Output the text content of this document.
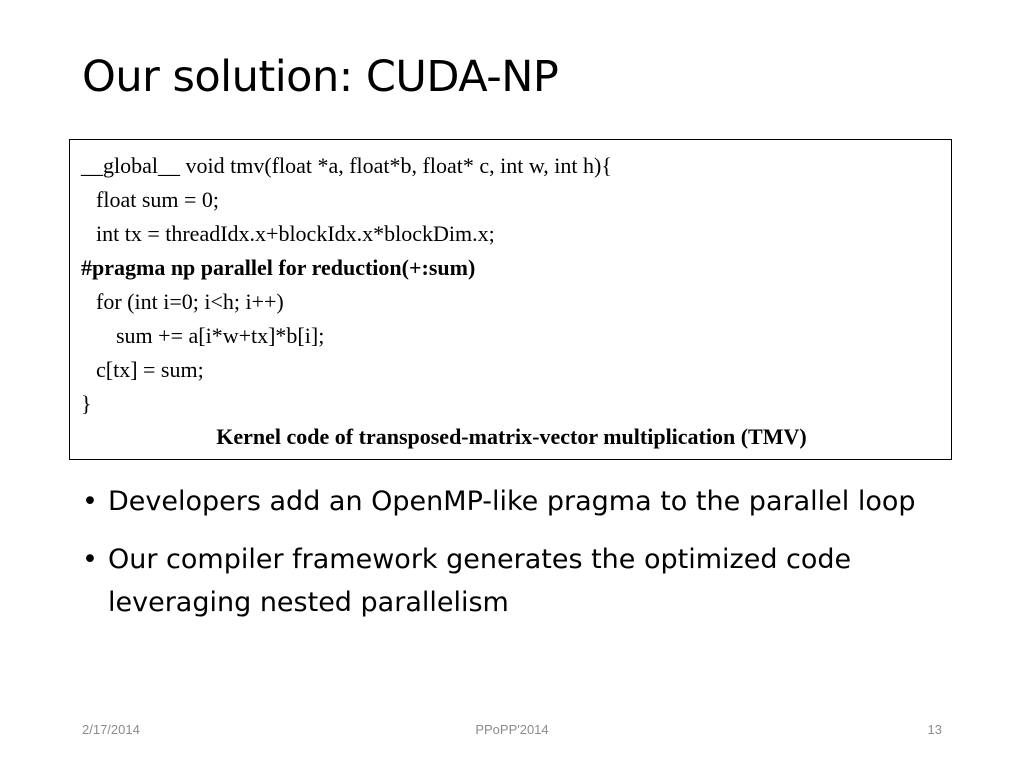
Our solution: CUDA-NP
__global__ void tmv(float *a, float*b, float* c, int w, int h){
float sum = 0;
int tx = threadIdx.x+blockIdx.x*blockDim.x;
#pragma np parallel for reduction(+:sum)
for (int i=0; i<h; i++)
sum += a[i*w+tx]*b[i];
c[tx] = sum;
}
Kernel code of transposed-matrix-vector multiplication (TMV)
• Developers add an OpenMP-like pragma to the parallel loop
• Our compiler framework generates the optimized code leveraging nested parallelism
2/17/2014	PPoPP'2014	13
